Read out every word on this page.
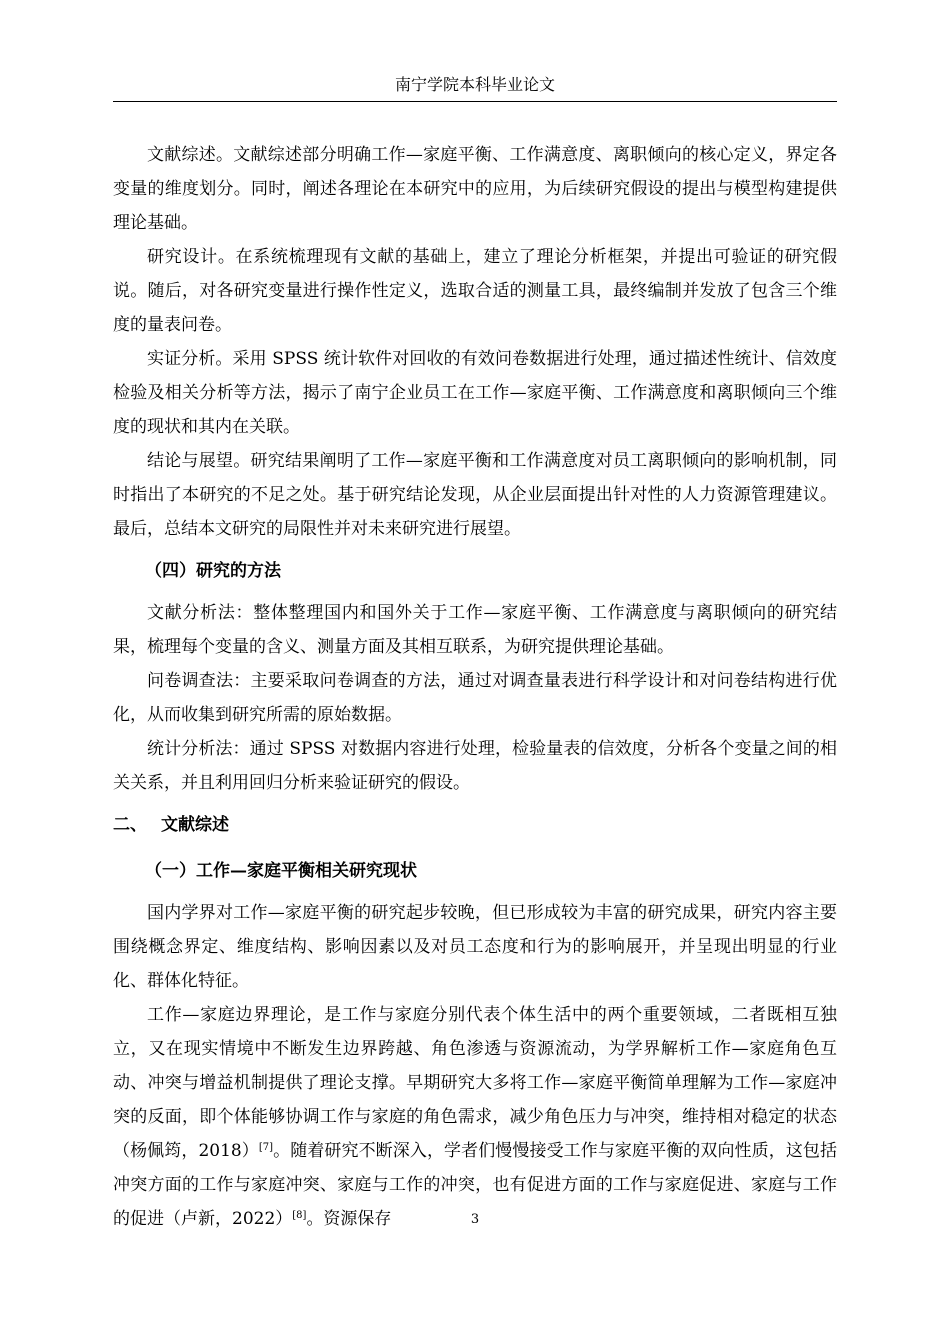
南宁学院本科毕业论文

文献综述。文献综述部分明确工作—家庭平衡、工作满意度、离职倾向的核心定义，界定各变量的维度划分。同时，阐述各理论在本研究中的应用，为后续研究假设的提出与模型构建提供理论基础。

研究设计。在系统梳理现有文献的基础上，建立了理论分析框架，并提出可验证的研究假说。随后，对各研究变量进行操作性定义，选取合适的测量工具，最终编制并发放了包含三个维度的量表问卷。

实证分析。采用 SPSS 统计软件对回收的有效问卷数据进行处理，通过描述性统计、信效度检验及相关分析等方法，揭示了南宁企业员工在工作—家庭平衡、工作满意度和离职倾向三个维度的现状和其内在关联。

结论与展望。研究结果阐明了工作—家庭平衡和工作满意度对员工离职倾向的影响机制，同时指出了本研究的不足之处。基于研究结论发现，从企业层面提出针对性的人力资源管理建议。最后，总结本文研究的局限性并对未来研究进行展望。

（四）研究的方法

文献分析法：整体整理国内和国外关于工作—家庭平衡、工作满意度与离职倾向的研究结果，梳理每个变量的含义、测量方面及其相互联系，为研究提供理论基础。

问卷调查法：主要采取问卷调查的方法，通过对调查量表进行科学设计和对问卷结构进行优化，从而收集到研究所需的原始数据。

统计分析法：通过 SPSS 对数据内容进行处理，检验量表的信效度，分析各个变量之间的相关关系，并且利用回归分析来验证研究的假设。

二、 文献综述

（一）工作—家庭平衡相关研究现状

国内学界对工作—家庭平衡的研究起步较晚，但已形成较为丰富的研究成果，研究内容主要围绕概念界定、维度结构、影响因素以及对员工态度和行为的影响展开，并呈现出明显的行业化、群体化特征。

工作—家庭边界理论，是工作与家庭分别代表个体生活中的两个重要领域，二者既相互独立，又在现实情境中不断发生边界跨越、角色渗透与资源流动，为学界解析工作—家庭角色互动、冲突与增益机制提供了理论支撑。早期研究大多将工作—家庭平衡简单理解为工作—家庭冲突的反面，即个体能够协调工作与家庭的角色需求，减少角色压力与冲突，维持相对稳定的状态（杨佩筠，2018）[7]。随着研究不断深入，学者们慢慢接受工作与家庭平衡的双向性质，这包括冲突方面的工作与家庭冲突、家庭与工作的冲突，也有促进方面的工作与家庭促进、家庭与工作的促进（卢新，2022）[8]。资源保存	3
